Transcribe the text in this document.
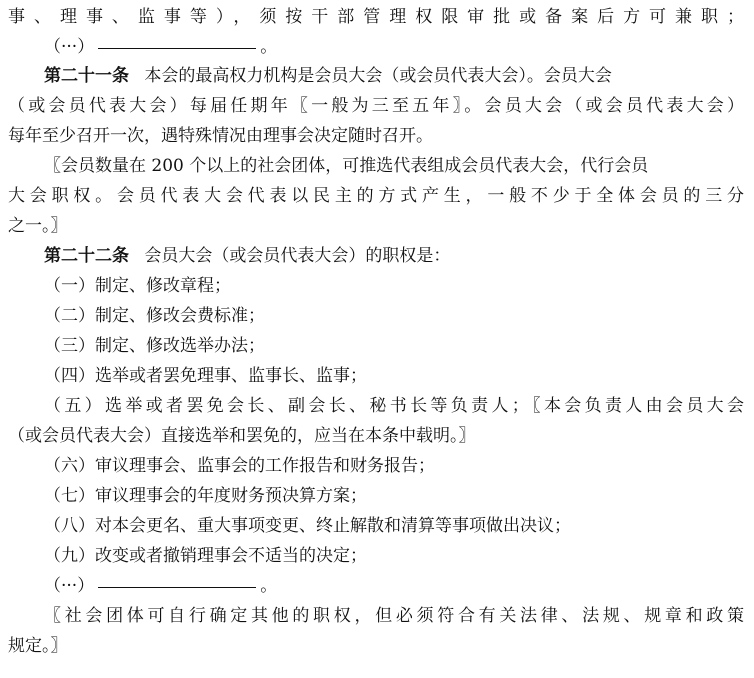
事、理事、监事等），须按干部管理权限审批或备案后方可兼职；
（···）	。
第二十一条 本会的最高权力机构是会员大会（或会员代表大会）。会员大会
（或会员代表大会）每届任期年〖一般为三至五年〗。会员大会（或会员代表大会）
每年至少召开一次，遇特殊情况由理事会决定随时召开。
〖会员数量在 200 个以上的社会团体，可推选代表组成会员代表大会，代行会员
大会职权。会员代表大会代表以民主的方式产生，一般不少于全体会员的三分
之一。〗
第二十二条 会员大会（或会员代表大会）的职权是：
（一）制定、修改章程；
（二）制定、修改会费标准；
（三）制定、修改选举办法；
（四）选举或者罢免理事、监事长、监事；
（五）选举或者罢免会长、副会长、秘书长等负责人；〖本会负责人由会员大会
（或会员代表大会）直接选举和罢免的，应当在本条中载明。〗
（六）审议理事会、监事会的工作报告和财务报告；
（七）审议理事会的年度财务预决算方案；
（八）对本会更名、重大事项变更、终止解散和清算等事项做出决议；
（九）改变或者撤销理事会不适当的决定；
（···）	。
〖社会团体可自行确定其他的职权，但必须符合有关法律、法规、规章和政策
规定。〗
